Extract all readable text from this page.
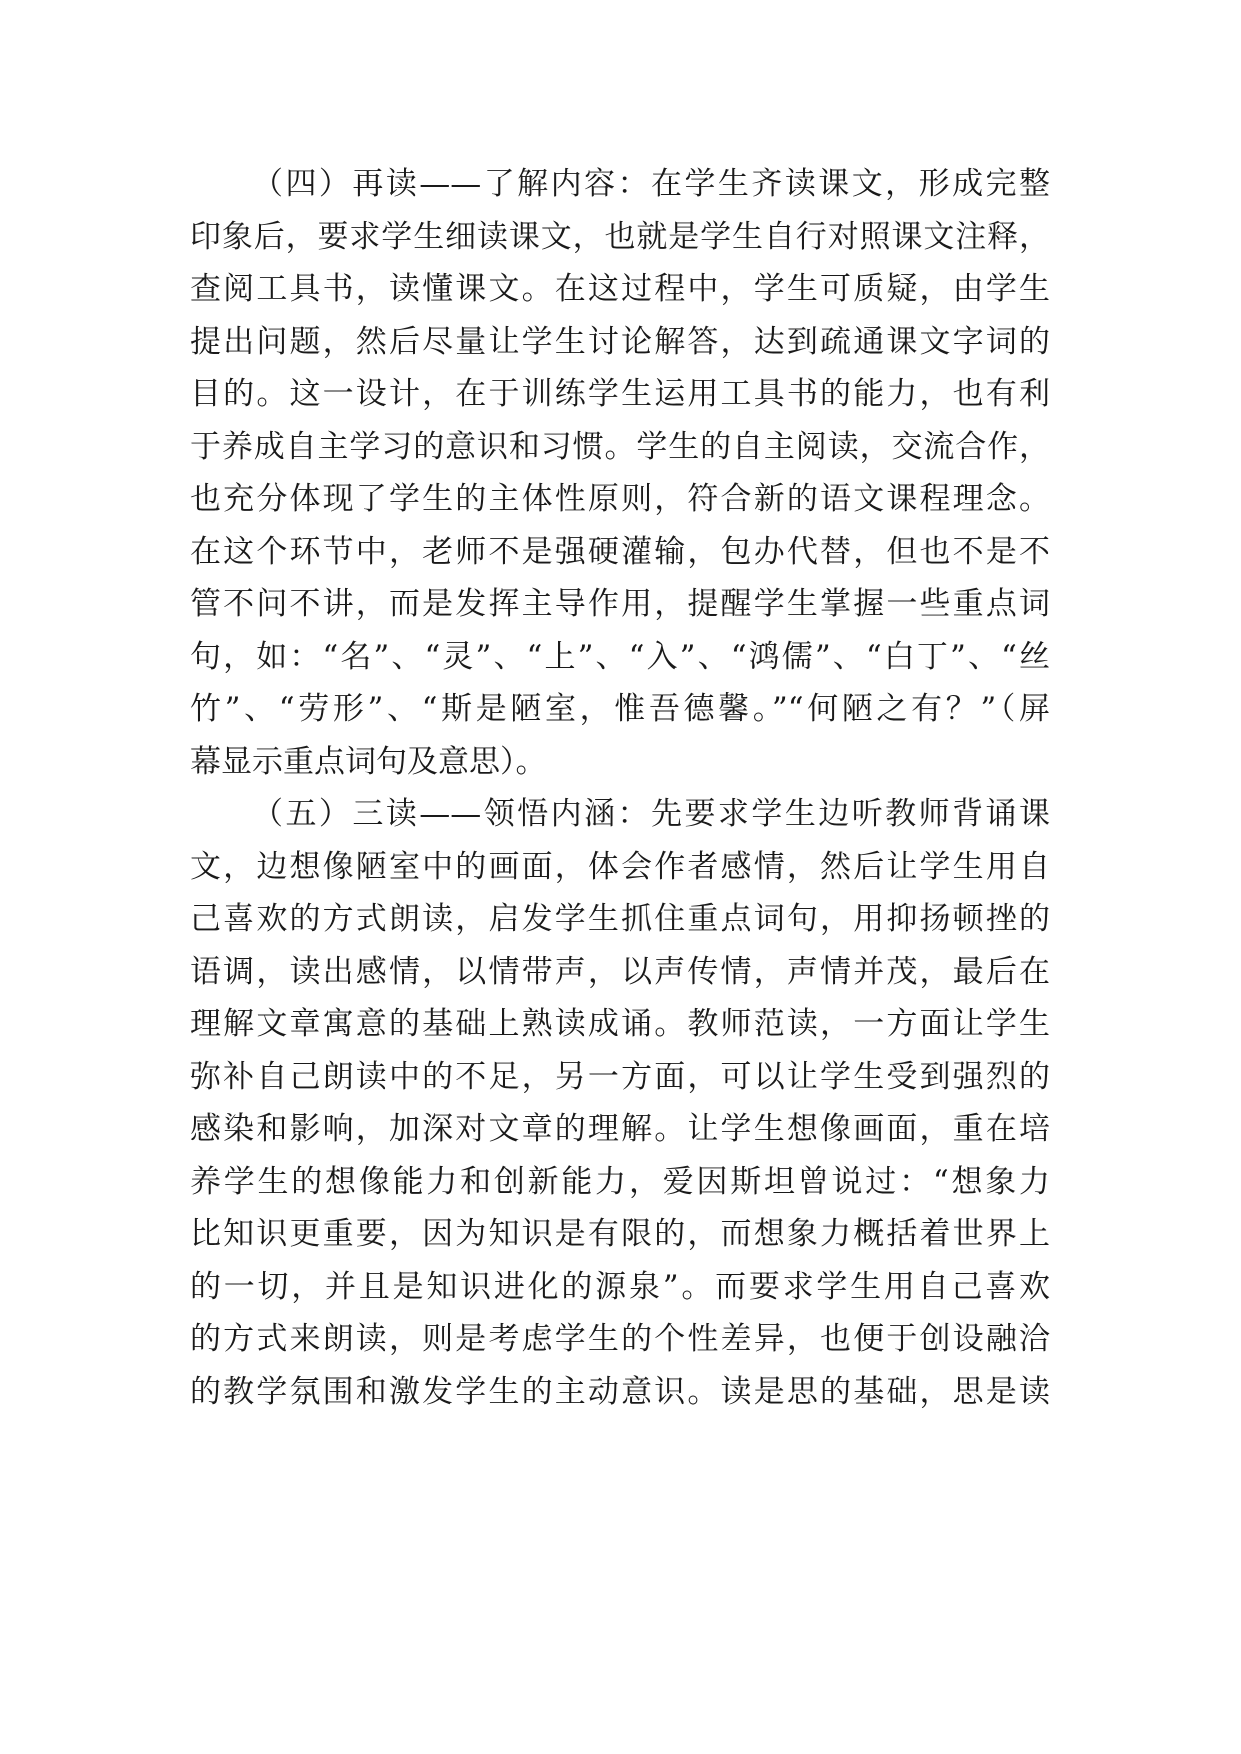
（四）再读——了解内容：在学生齐读课文，形成完整
印象后，要求学生细读课文，也就是学生自行对照课文注释，
查阅工具书，读懂课文。在这过程中，学生可质疑，由学生
提出问题，然后尽量让学生讨论解答，达到疏通课文字词的
目的。这一设计，在于训练学生运用工具书的能力，也有利
于养成自主学习的意识和习惯。学生的自主阅读，交流合作，
也充分体现了学生的主体性原则，符合新的语文课程理念。
在这个环节中，老师不是强硬灌输，包办代替，但也不是不
管不问不讲，而是发挥主导作用，提醒学生掌握一些重点词
句，如：“名”、“灵”、“上”、“入”、“鸿儒”、“白丁”、“丝
竹”、“劳形”、“斯是陋室，惟吾德馨。”“何陋之有？”（屏
幕显示重点词句及意思）。
（五）三读——领悟内涵：先要求学生边听教师背诵课
文，边想像陋室中的画面，体会作者感情，然后让学生用自
己喜欢的方式朗读，启发学生抓住重点词句，用抑扬顿挫的
语调，读出感情，以情带声，以声传情，声情并茂，最后在
理解文章寓意的基础上熟读成诵。教师范读，一方面让学生
弥补自己朗读中的不足，另一方面，可以让学生受到强烈的
感染和影响，加深对文章的理解。让学生想像画面，重在培
养学生的想像能力和创新能力，爱因斯坦曾说过：“想象力
比知识更重要，因为知识是有限的，而想象力概括着世界上
的一切，并且是知识进化的源泉”。而要求学生用自己喜欢
的方式来朗读，则是考虑学生的个性差异，也便于创设融洽
的教学氛围和激发学生的主动意识。读是思的基础，思是读
